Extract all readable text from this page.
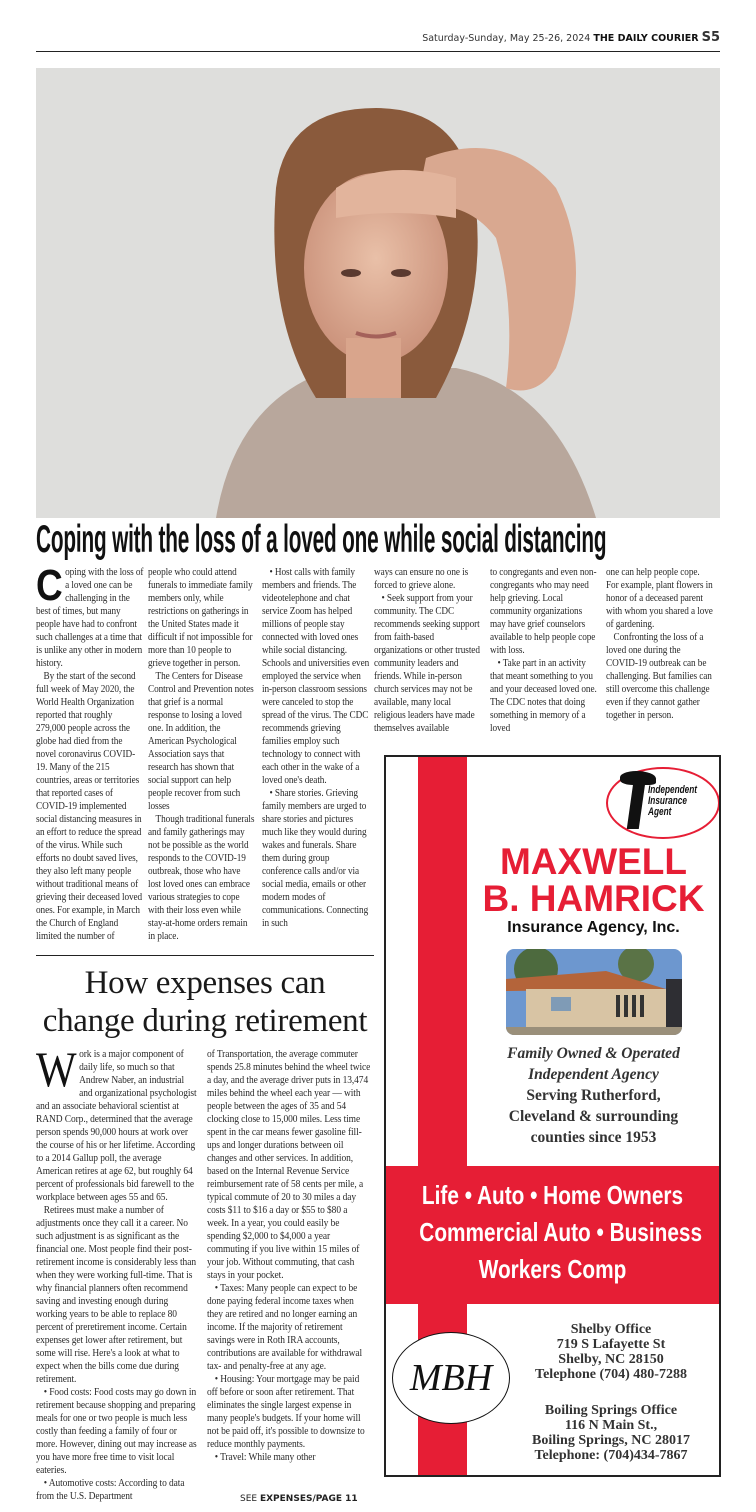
Saturday-Sunday, May 25-26, 2024 THE DAILY COURIER S5
Coping with the loss of a loved one while social distancing

Coping with the loss of a loved one can be challenging in the best of times, but many people have had to confront such challenges at a time that is unlike any other in modern history.

By the start of the second full week of May 2020, the World Health Organization reported that roughly 279,000 people across the globe had died from the novel coronavirus COVID-19. Many of the 215 countries, areas or territories that reported cases of COVID-19 implemented social distancing measures in an effort to reduce the spread of the virus. While such efforts no doubt saved lives, they also left many people without traditional means of grieving their deceased loved ones. For example, in March the Church of England limited the number of

people who could attend funerals to immediate family members only, while restrictions on gatherings in the United States made it difficult if not impossible for more than 10 people to grieve together in person.

The Centers for Disease Control and Prevention notes that grief is a normal response to losing a loved one. In addition, the American Psychological Association says that research has shown that social support can help people recover from such losses

Though traditional funerals and family gatherings may not be possible as the world responds to the COVID-19 outbreak, those who have lost loved ones can embrace various strategies to cope with their loss even while stay-at-home orders remain in place.

• Host calls with family members and friends. The videotelephone and chat service Zoom has helped millions of people stay connected with loved ones while social distancing. Schools and universities even employed the service when in-person classroom sessions were canceled to stop the spread of the virus. The CDC recommends grieving families employ such technology to connect with each other in the wake of a loved one's death.

• Share stories. Grieving family members are urged to share stories and pictures much like they would during wakes and funerals. Share them during group conference calls and/or via social media, emails or other modern modes of communications. Connecting in such

ways can ensure no one is forced to grieve alone.

• Seek support from your community. The CDC recommends seeking support from faith-based organizations or other trusted community leaders and friends. While in-person church services may not be available, many local religious leaders have made themselves available

to congregants and even non-congregants who may need help grieving. Local community organizations may have grief counselors available to help people cope with loss.

• Take part in an activity that meant something to you and your deceased loved one. The CDC notes that doing something in memory of a loved

one can help people cope. For example, plant flowers in honor of a deceased parent with whom you shared a love of gardening.

Confronting the loss of a loved one during the COVID-19 outbreak can be challenging. But families can still overcome this challenge even if they cannot gather together in person.

How expenses can change during retirement

Work is a major component of daily life, so much so that Andrew Naber, an industrial and organizational psychologist and an associate behavioral scientist at RAND Corp., determined that the average person spends 90,000 hours at work over the course of his or her lifetime. According to a 2014 Gallup poll, the average American retires at age 62, but roughly 64 percent of professionals bid farewell to the workplace between ages 55 and 65.

Retirees must make a number of adjustments once they call it a career. No such adjustment is as significant as the financial one. Most people find their post-retirement income is considerably less than when they were working full-time. That is why financial planners often recommend saving and investing enough during working years to be able to replace 80 percent of preretirement income. Certain expenses get lower after retirement, but some will rise. Here's a look at what to expect when the bills come due during retirement.

• Food costs: Food costs may go down in retirement because shopping and preparing meals for one or two people is much less costly than feeding a family of four or more. However, dining out may increase as you have more free time to visit local eateries.

• Automotive costs: According to data from the U.S. Department

of Transportation, the average commuter spends 25.8 minutes behind the wheel twice a day, and the average driver puts in 13,474 miles behind the wheel each year — with people between the ages of 35 and 54 clocking close to 15,000 miles. Less time spent in the car means fewer gasoline fill-ups and longer durations between oil changes and other services. In addition, based on the Internal Revenue Service reimbursement rate of 58 cents per mile, a typical commute of 20 to 30 miles a day costs $11 to $16 a day or $55 to $80 a week. In a year, you could easily be spending $2,000 to $4,000 a year commuting if you live within 15 miles of your job. Without commuting, that cash stays in your pocket.

• Taxes: Many people can expect to be done paying federal income taxes when they are retired and no longer earning an income. If the majority of retirement savings were in Roth IRA accounts, contributions are available for withdrawal tax- and penalty-free at any age.

• Housing: Your mortgage may be paid off before or soon after retirement. That eliminates the single largest expense in many people's budgets. If your home will not be paid off, it's possible to downsize to reduce monthly payments.

• Travel: While many other

SEE EXPENSES/PAGE 11
Independent
Insurance
Agent
MAXWELL
B. HAMRICK
Insurance Agency, Inc.
Family Owned & Operated
Independent Agency
Serving Rutherford,
Cleveland & surrounding
counties since 1953
Life • Auto • Home Owners
Commercial Auto • Business
Workers Comp
MBH
Shelby Office
719 S Lafayette St
Shelby, NC 28150
Telephone (704) 480-7288
Boiling Springs Office
116 N Main St.,
Boiling Springs, NC 28017
Telephone: (704)434-7867
